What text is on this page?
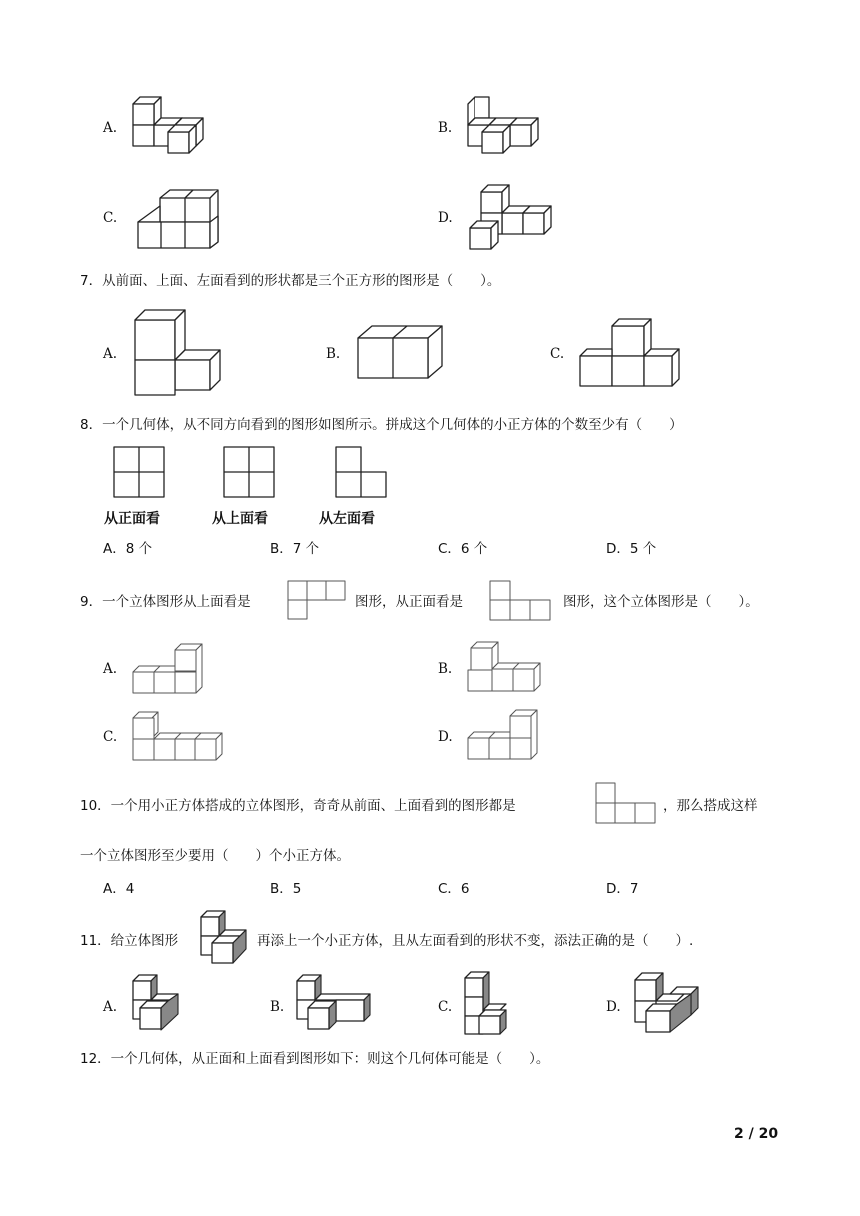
A.	B.
C.	D.
7．从前面、上面、左面看到的形状都是三个正方形的图形是（　　）。
A.	B.	C.
8．一个几何体，从不同方向看到的图形如图所示。拼成这个几何体的小正方体的个数至少有（　　）
从正面看	从上面看	从左面看
A．8 个	B．7 个	C．6 个	D．5 个
9．一个立体图形从上面看是	图形，从正面看是	图形，这个立体图形是（　　）。
A.	B.
C.	D.
10．一个用小正方体搭成的立体图形，奇奇从前面、上面看到的图形都是	，那么搭成这样
一个立体图形至少要用（　　）个小正方体。
A．4	B．5	C．6	D．7
11．给立体图形	再添上一个小正方体，且从左面看到的形状不变，添法正确的是（　　）.
A.	B.	C.	D.
12．一个几何体，从正面和上面看到图形如下：则这个几何体可能是（　　）。
2 / 20
